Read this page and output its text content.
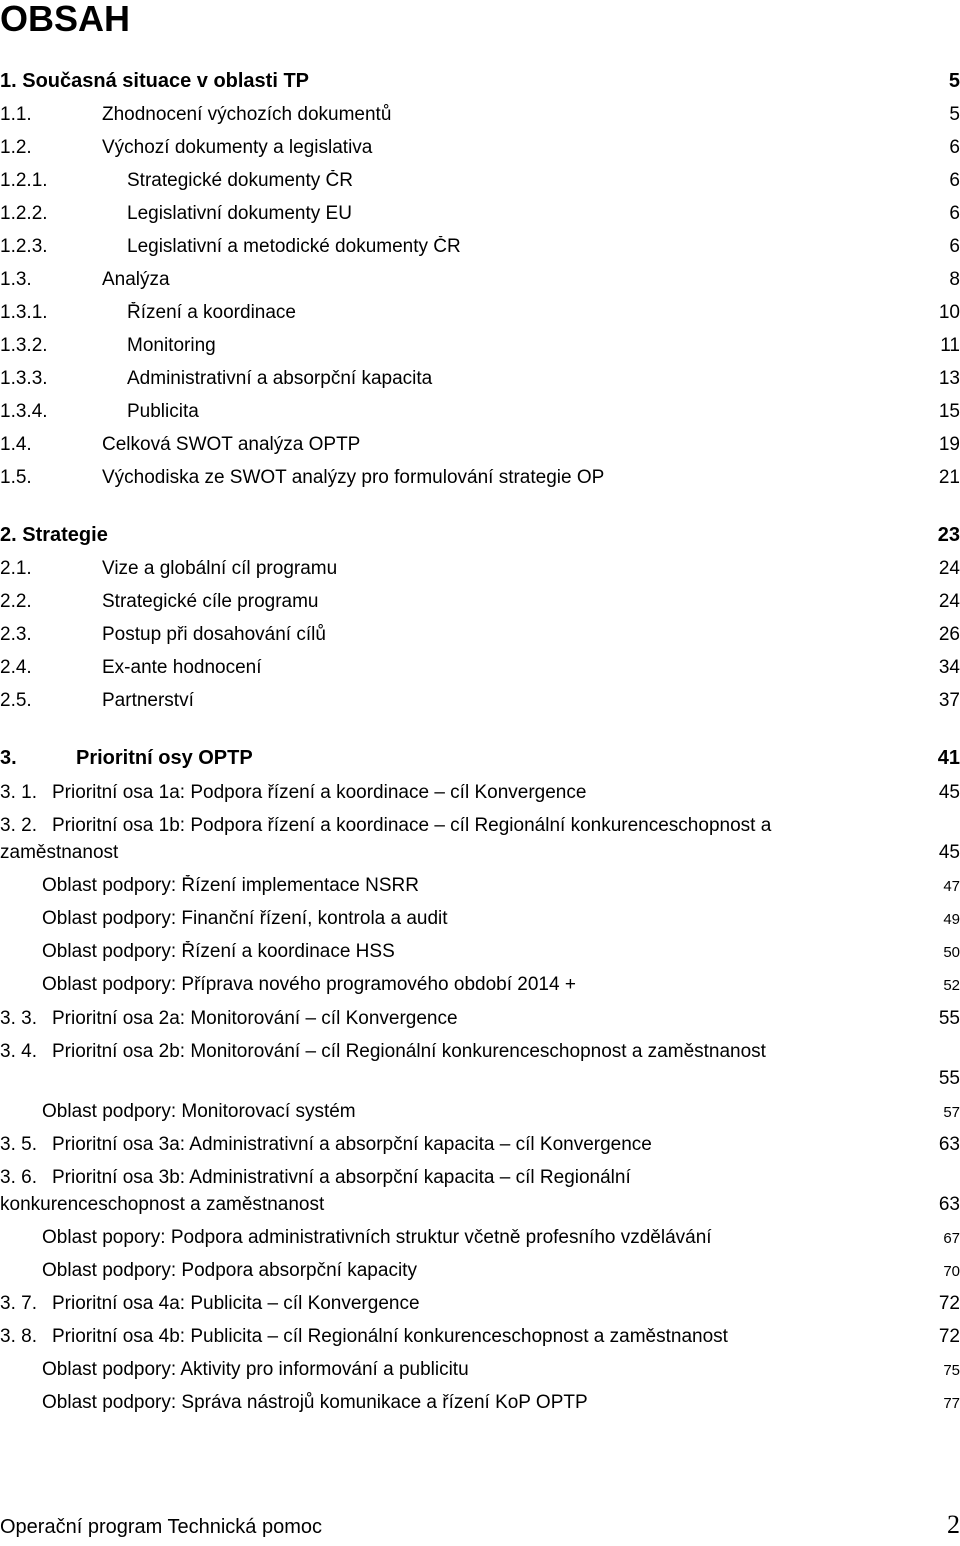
OBSAH
1. Současná situace v oblasti TP	5
1.1.	Zhodnocení výchozích dokumentů	5
1.2.	Výchozí dokumenty a legislativa	6
1.2.1.	Strategické dokumenty ČR	6
1.2.2.	Legislativní dokumenty EU	6
1.2.3.	Legislativní a metodické dokumenty ČR	6
1.3.	Analýza	8
1.3.1.	Řízení a koordinace	10
1.3.2.	Monitoring	11
1.3.3.	Administrativní a absorpční kapacita	13
1.3.4.	Publicita	15
1.4.	Celková SWOT analýza OPTP	19
1.5.	Východiska ze SWOT analýzy pro formulování strategie OP	21
2. Strategie	23
2.1.	Vize a globální cíl programu	24
2.2.	Strategické cíle programu	24
2.3.	Postup při dosahování cílů	26
2.4.	Ex-ante hodnocení	34
2.5.	Partnerství	37
3.	Prioritní osy OPTP	41
3. 1. Prioritní osa 1a: Podpora řízení a koordinace – cíl Konvergence	45
3. 2. Prioritní osa 1b: Podpora řízení a koordinace – cíl Regionální konkurenceschopnost a
zaměstnanost	45
Oblast podpory: Řízení implementace NSRR	47
Oblast podpory: Finanční řízení, kontrola a audit	49
Oblast podpory: Řízení a koordinace HSS	50
Oblast podpory: Příprava nového programového období 2014 +	52
3. 3. Prioritní osa 2a: Monitorování – cíl Konvergence	55
3. 4. Prioritní osa 2b: Monitorování – cíl Regionální konkurenceschopnost a zaměstnanost
55
Oblast podpory: Monitorovací systém	57
3. 5. Prioritní osa 3a: Administrativní a absorpční kapacita – cíl Konvergence	63
3. 6. Prioritní osa 3b: Administrativní a absorpční kapacita – cíl Regionální
konkurenceschopnost a zaměstnanost	63
Oblast popory: Podpora administrativních struktur včetně profesního vzdělávání	67
Oblast podpory: Podpora absorpční kapacity	70
3. 7. Prioritní osa 4a: Publicita – cíl Konvergence	72
3. 8. Prioritní osa 4b: Publicita – cíl Regionální konkurenceschopnost a zaměstnanost	72
Oblast podpory: Aktivity pro informování a publicitu	75
Oblast podpory: Správa nástrojů komunikace a řízení KoP OPTP	77
Operační program Technická pomoc	2
